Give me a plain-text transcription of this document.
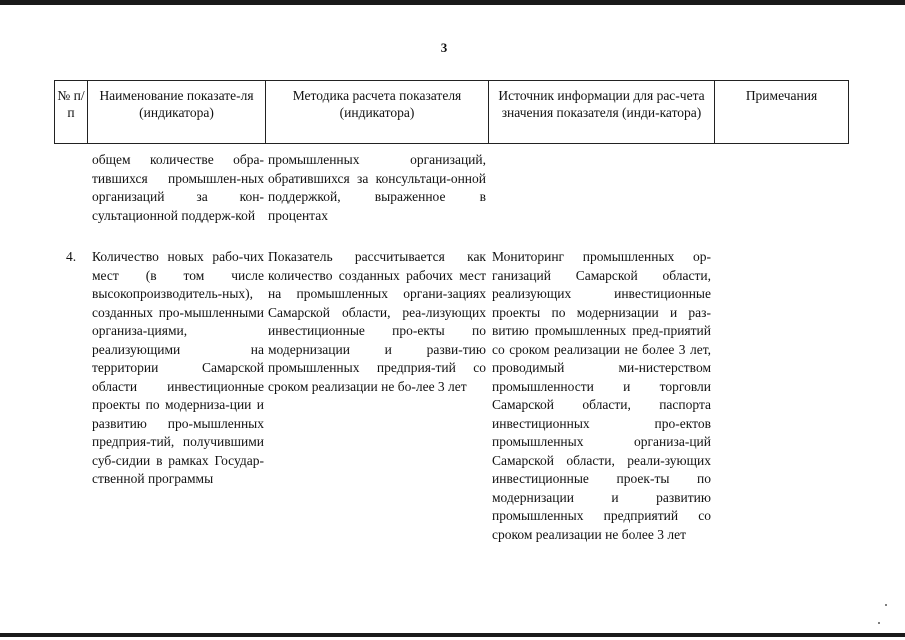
3
№ п/п
Наименование показате-ля (индикатора)
Методика расчета показателя (индикатора)
Источник информации для рас-чета значения показателя (инди-катора)
Примечания
общем количестве обра-тившихся промышлен-ных организаций за кон-сультационной поддерж-кой
промышленных организаций, обратившихся за консультаци-онной поддержкой, выраженное в процентах
4. Количество новых рабо-чих мест (в том числе высокопроизводитель-ных), созданных про-мышленными организа-циями, реализующими на территории Самарской области инвестиционные проекты по модерниза-ции и развитию про-мышленных предприя-тий, получившими суб-сидии в рамках Государ-ственной программы
Показатель рассчитывается как количество созданных рабочих мест на промышленных органи-зациях Самарской области, реа-лизующих инвестиционные про-екты по модернизации и разви-тию промышленных предприя-тий со сроком реализации не бо-лее 3 лет
Мониторинг промышленных ор-ганизаций Самарской области, реализующих инвестиционные проекты по модернизации и раз-витию промышленных пред-приятий со сроком реализации не более 3 лет, проводимый ми-нистерством промышленности и торговли Самарской области, паспорта инвестиционных про-ектов промышленных организа-ций Самарской области, реали-зующих инвестиционные проек-ты по модернизации и развитию промышленных предприятий со сроком реализации не более 3 лет
